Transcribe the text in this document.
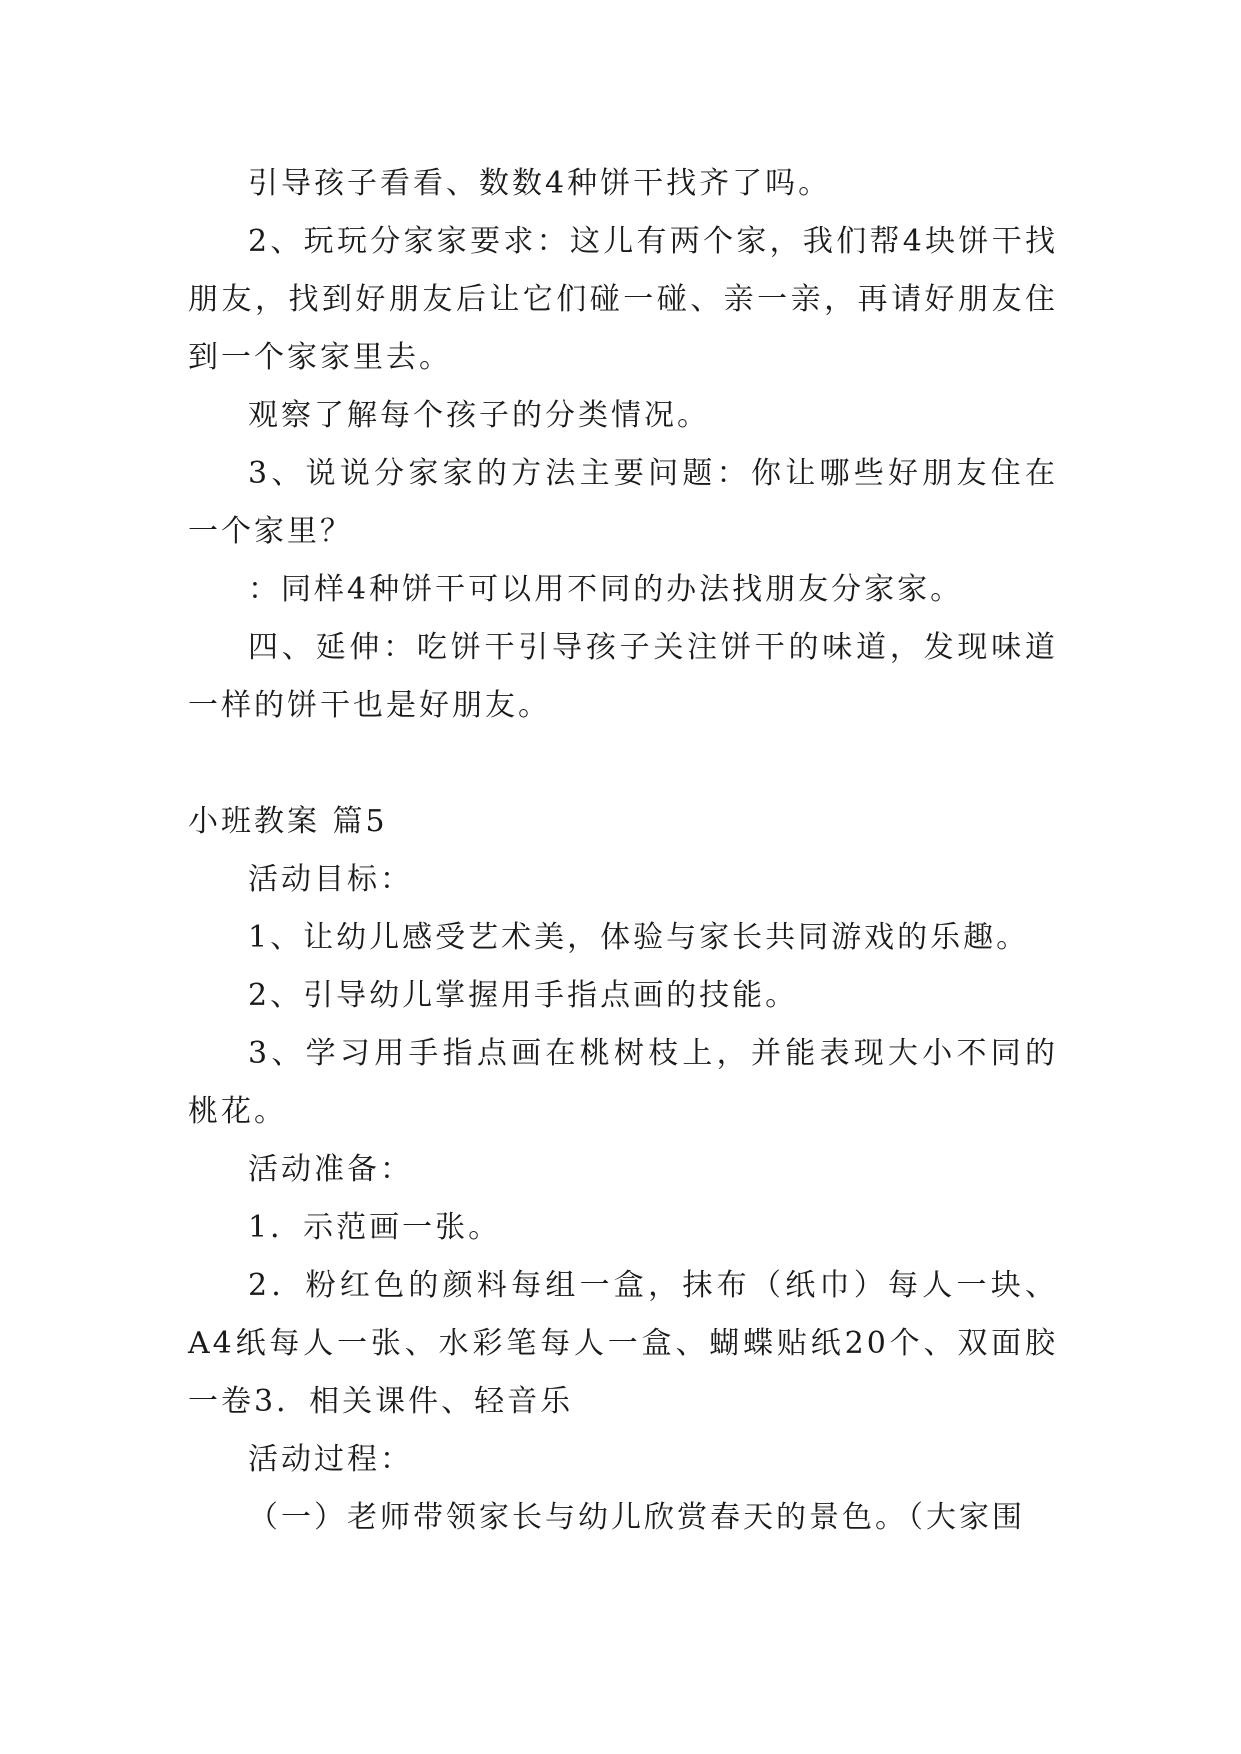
引导孩子看看、数数4种饼干找齐了吗。

2、玩玩分家家要求：这儿有两个家，我们帮4块饼干找朋友，找到好朋友后让它们碰一碰、亲一亲，再请好朋友住到一个家家里去。

观察了解每个孩子的分类情况。

3、说说分家家的方法主要问题：你让哪些好朋友住在一个家里？

：同样4种饼干可以用不同的办法找朋友分家家。

四、延伸：吃饼干引导孩子关注饼干的味道，发现味道一样的饼干也是好朋友。

小班教案 篇5

活动目标：

1、让幼儿感受艺术美，体验与家长共同游戏的乐趣。

2、引导幼儿掌握用手指点画的技能。

3、学习用手指点画在桃树枝上，并能表现大小不同的桃花。

活动准备：

1．示范画一张。

2．粉红色的颜料每组一盒，抹布（纸巾）每人一块、A4纸每人一张、水彩笔每人一盒、蝴蝶贴纸20个、双面胶一卷3．相关课件、轻音乐

活动过程：

（一）老师带领家长与幼儿欣赏春天的景色。（大家围
